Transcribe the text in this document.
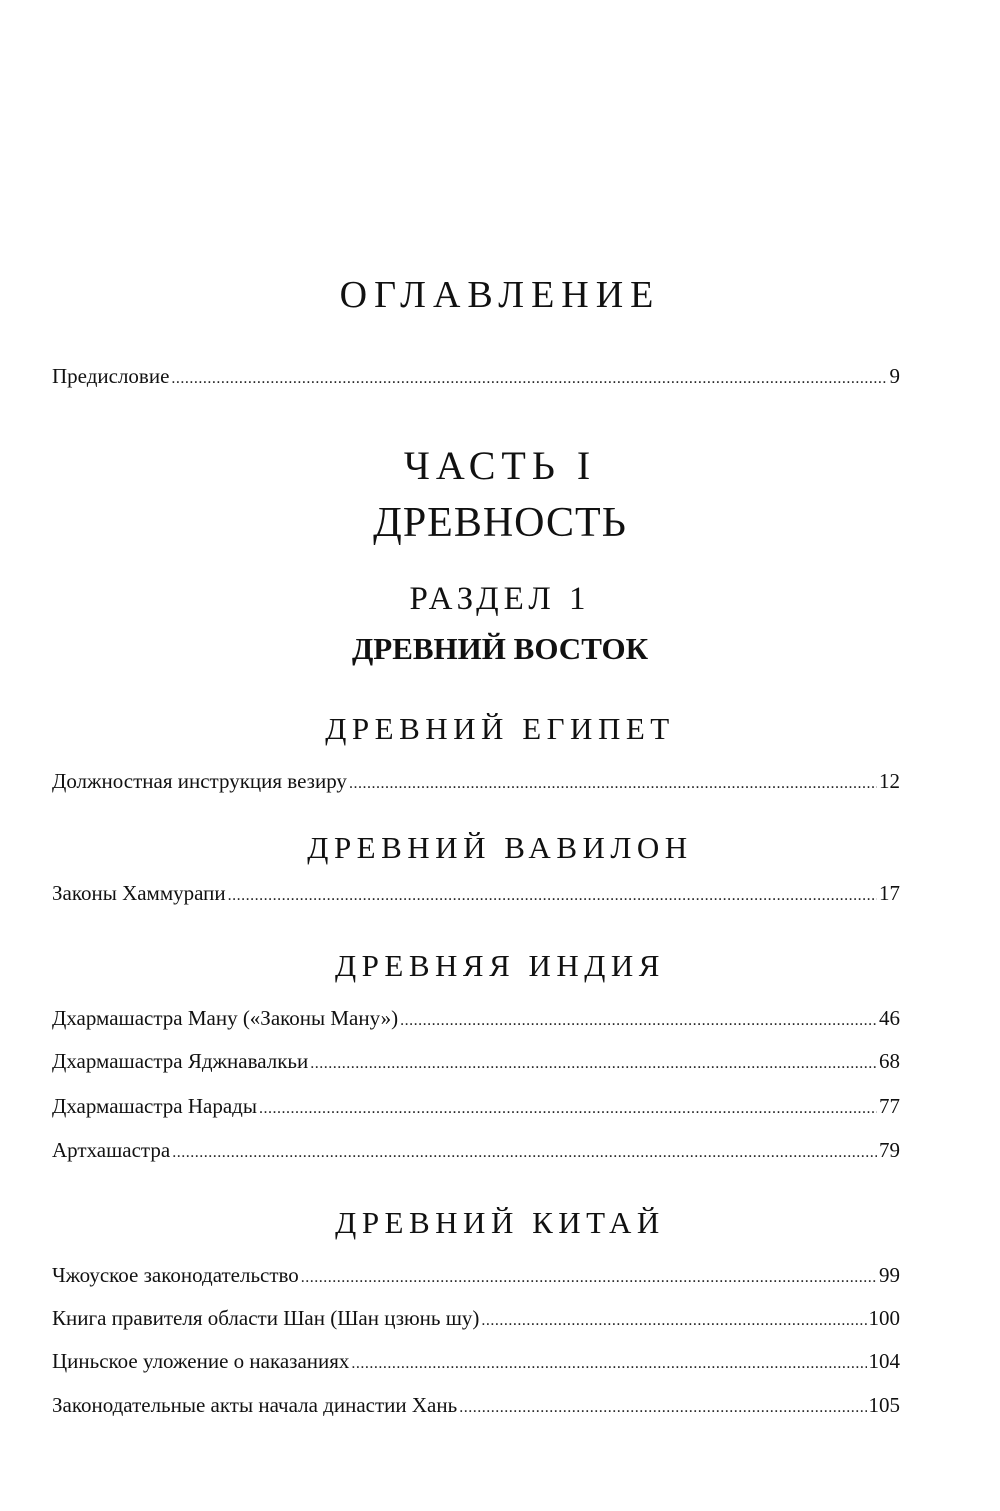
ОГЛАВЛЕНИЕ
Предисловие .....	9
ЧАСТЬ I
ДРЕВНОСТЬ
РАЗДЕЛ 1
ДРЕВНИЙ ВОСТОК
ДРЕВНИЙ ЕГИПЕТ
Должностная инструкция везиру .....	12
ДРЕВНИЙ ВАВИЛОН
Законы Хаммурапи .....	17
ДРЕВНЯЯ ИНДИЯ
Дхармашастра Ману («Законы Ману») .....	46
Дхармашастра Яджнавалкьи .....	68
Дхармашастра Нарады .....	77
Артхашастра .....	79
ДРЕВНИЙ КИТАЙ
Чжоуское законодательство .....	99
Книга правителя области Шан (Шан цзюнь шу) .....	100
Циньское уложение о наказаниях .....	104
Законодательные акты начала династии Хань .....	105
